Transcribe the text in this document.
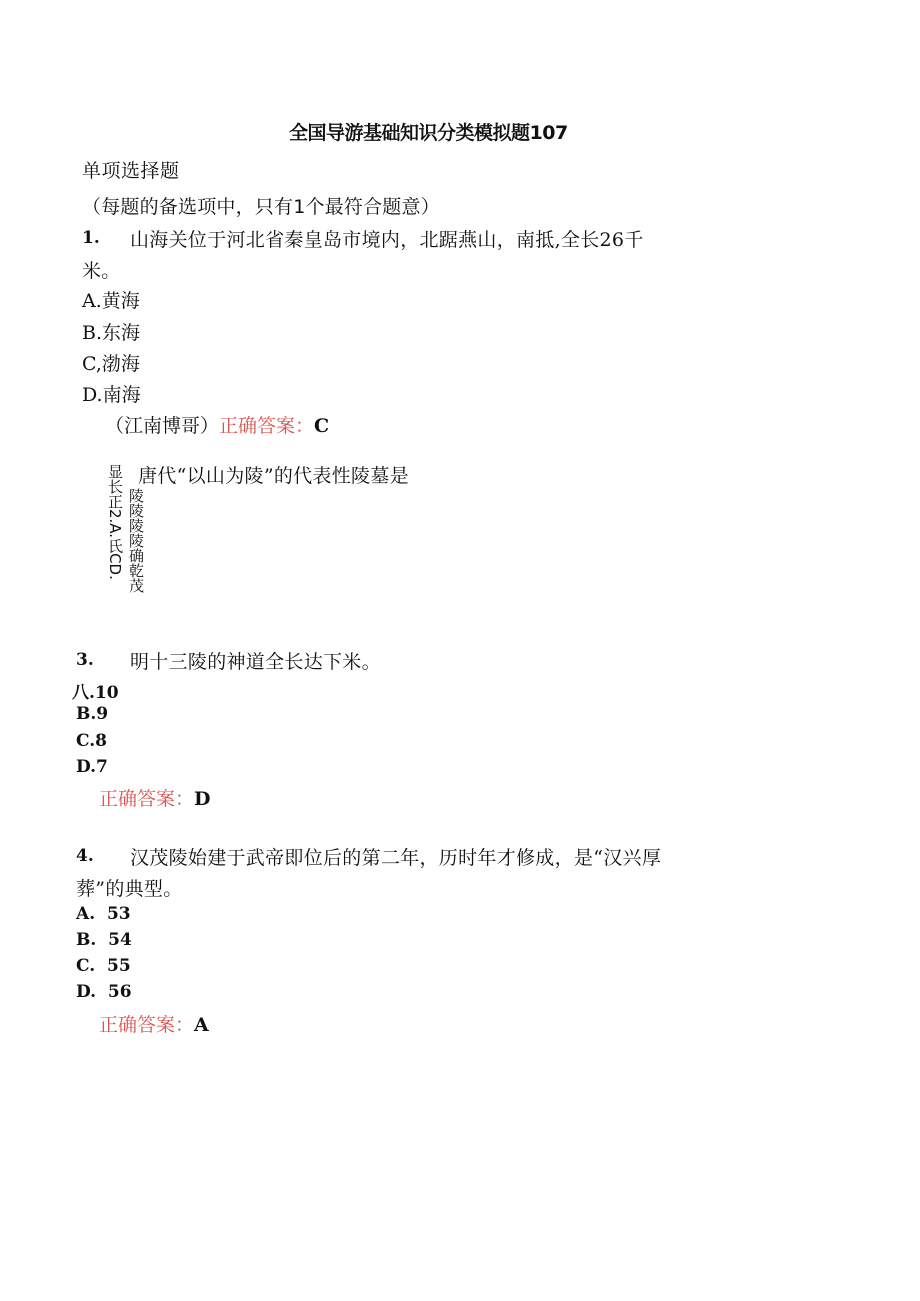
全国导游基础知识分类模拟题107
单项选择题
（每题的备选项中，只有1个最符合题意）
1. 山海关位于河北省秦皇岛市境内，北踞燕山，南抵,全长26千
米。
A.黄海
B.东海
C,渤海
D.南海
（江南博哥）正确答案：C
显长正2.A.氏CD. 陵陵陵陵确乾茂
唐代“以山为陵”的代表性陵墓是
3. 明十三陵的神道全长达下米。
八.10
B.9
C.8
D.7
正确答案：D
4. 汉茂陵始建于武帝即位后的第二年，历时年才修成，是“汉兴厚
葬”的典型。
A.  53
B.  54
C.  55
D.  56
正确答案：A
